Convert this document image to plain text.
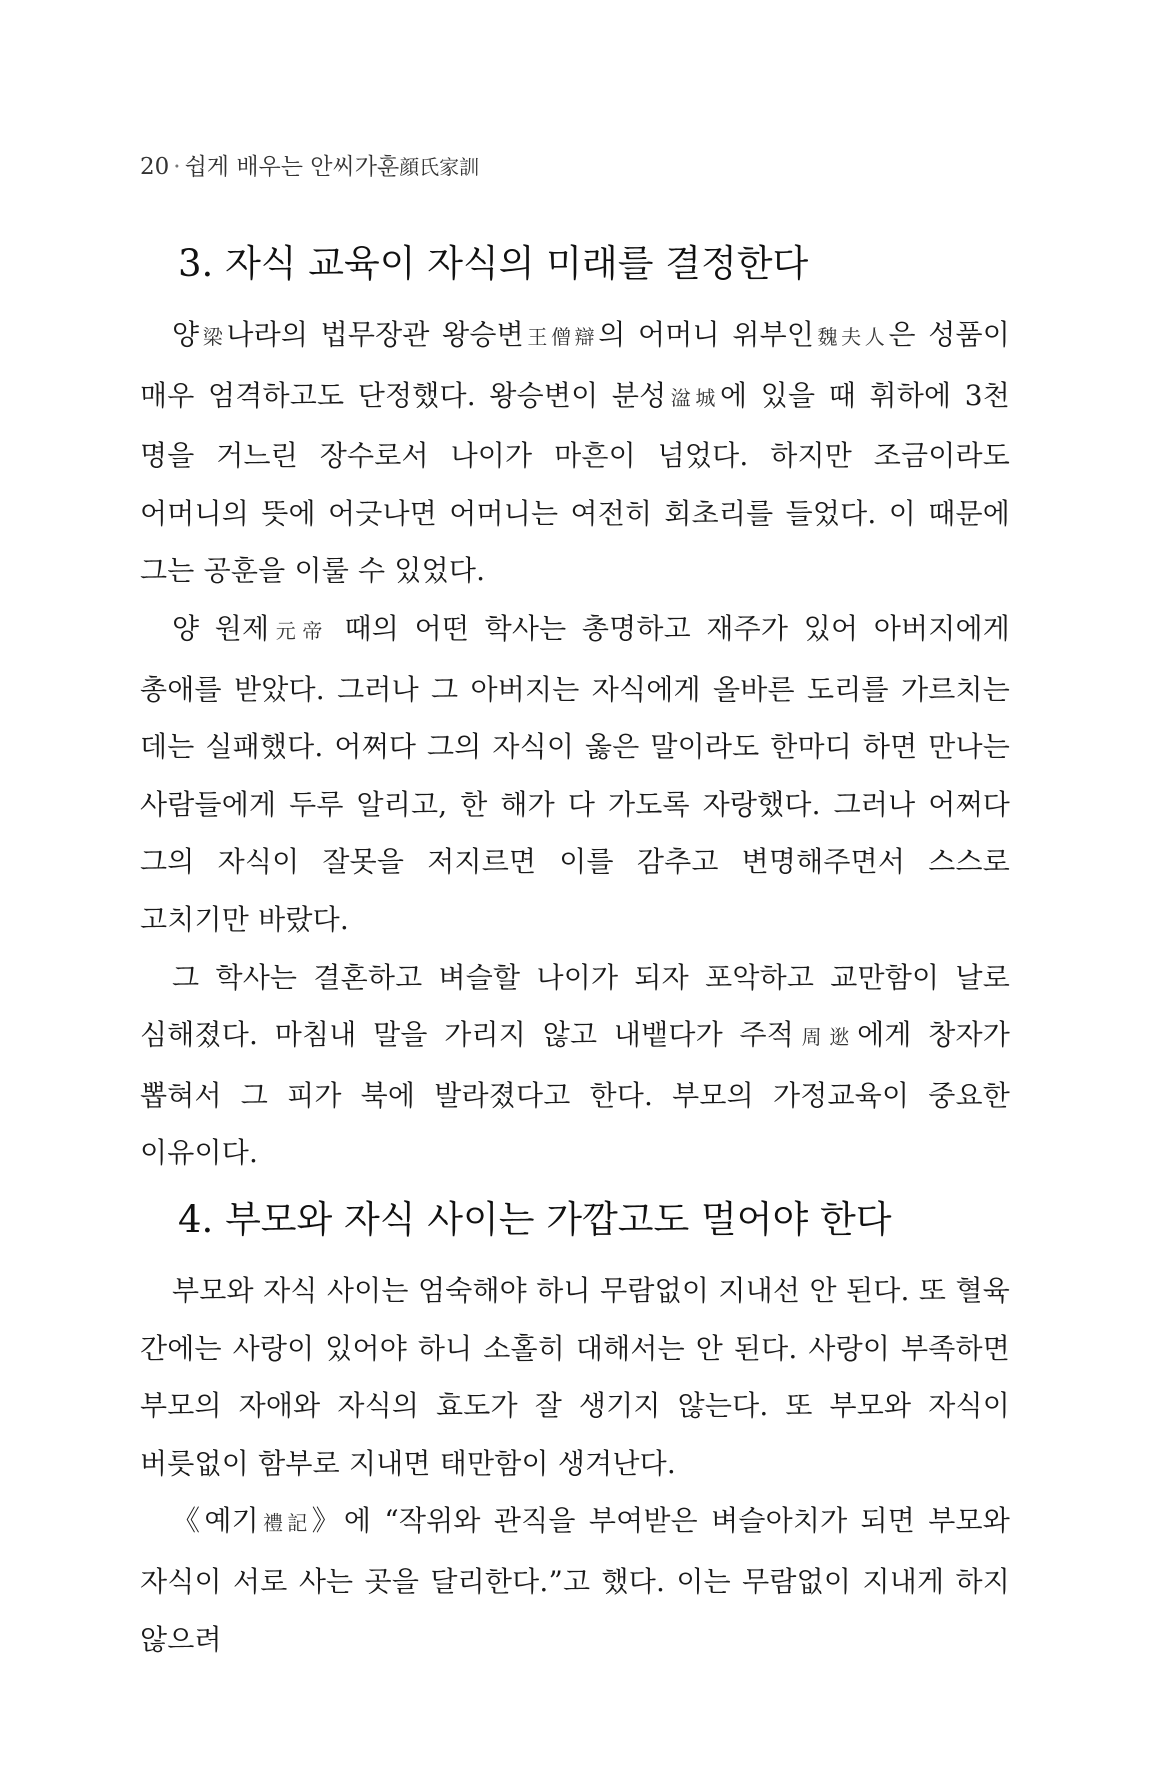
20 · 쉽게 배우는 안씨가훈顔氏家訓
3. 자식 교육이 자식의 미래를 결정한다

양梁나라의 법무장관 왕승변王僧辯의 어머니 위부인魏夫人은 성품이 매우 엄격하고도 단정했다. 왕승변이 분성湓城에 있을 때 휘하에 3천 명을 거느린 장수로서 나이가 마흔이 넘었다. 하지만 조금이라도 어머니의 뜻에 어긋나면 어머니는 여전히 회초리를 들었다. 이 때문에 그는 공훈을 이룰 수 있었다.

양 원제元帝 때의 어떤 학사는 총명하고 재주가 있어 아버지에게 총애를 받았다. 그러나 그 아버지는 자식에게 올바른 도리를 가르치는 데는 실패했다. 어쩌다 그의 자식이 옳은 말이라도 한마디 하면 만나는 사람들에게 두루 알리고, 한 해가 다 가도록 자랑했다. 그러나 어쩌다 그의 자식이 잘못을 저지르면 이를 감추고 변명해주면서 스스로 고치기만 바랐다.

그 학사는 결혼하고 벼슬할 나이가 되자 포악하고 교만함이 날로 심해졌다. 마침내 말을 가리지 않고 내뱉다가 주적周逖에게 창자가 뽑혀서 그 피가 북에 발라졌다고 한다. 부모의 가정교육이 중요한 이유이다.

4. 부모와 자식 사이는 가깝고도 멀어야 한다

부모와 자식 사이는 엄숙해야 하니 무람없이 지내선 안 된다. 또 혈육 간에는 사랑이 있어야 하니 소홀히 대해서는 안 된다. 사랑이 부족하면 부모의 자애와 자식의 효도가 잘 생기지 않는다. 또 부모와 자식이 버릇없이 함부로 지내면 태만함이 생겨난다.

《예기禮記》에 “작위와 관직을 부여받은 벼슬아치가 되면 부모와 자식이 서로 사는 곳을 달리한다.”고 했다. 이는 무람없이 지내게 하지 않으려
